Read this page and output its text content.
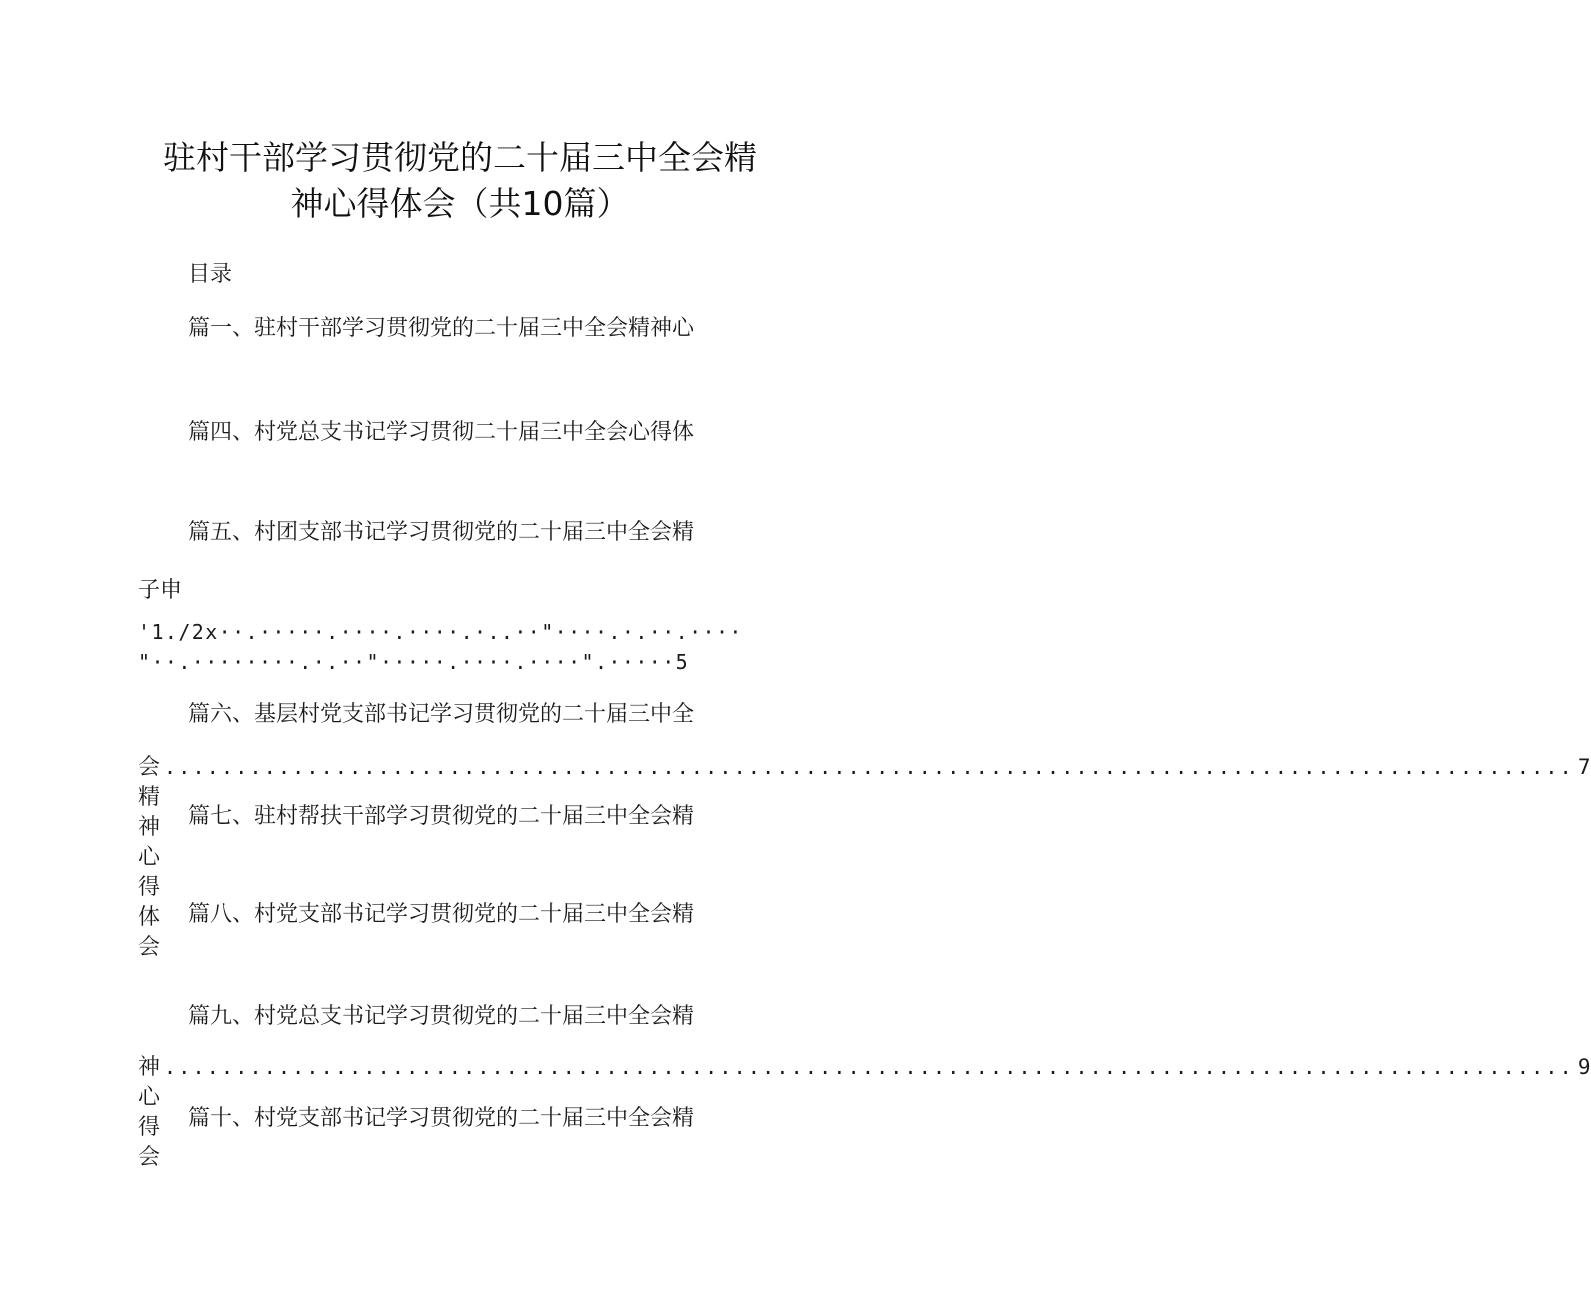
驻村干部学习贯彻党的二十届三中全会精
神心得体会（共10篇）
目录
篇一、驻村干部学习贯彻党的二十届三中全会精神心
篇四、村党总支书记学习贯彻二十届三中全会心得体
篇五、村团支部书记学习贯彻党的二十届三中全会精
子申
'1./2x··.·····.····.····.·..··"····.·.··.····
"··.········.·.··"·····.····.····".·····5
篇六、基层村党支部书记学习贯彻党的二十届三中全
会精神心得体会
................................................................................................... 7
篇七、驻村帮扶干部学习贯彻党的二十届三中全会精
篇八、村党支部书记学习贯彻党的二十届三中全会精
篇九、村党总支书记学习贯彻党的二十届三中全会精
神心得会
................................................................................................... 9
篇十、村党支部书记学习贯彻党的二十届三中全会精
